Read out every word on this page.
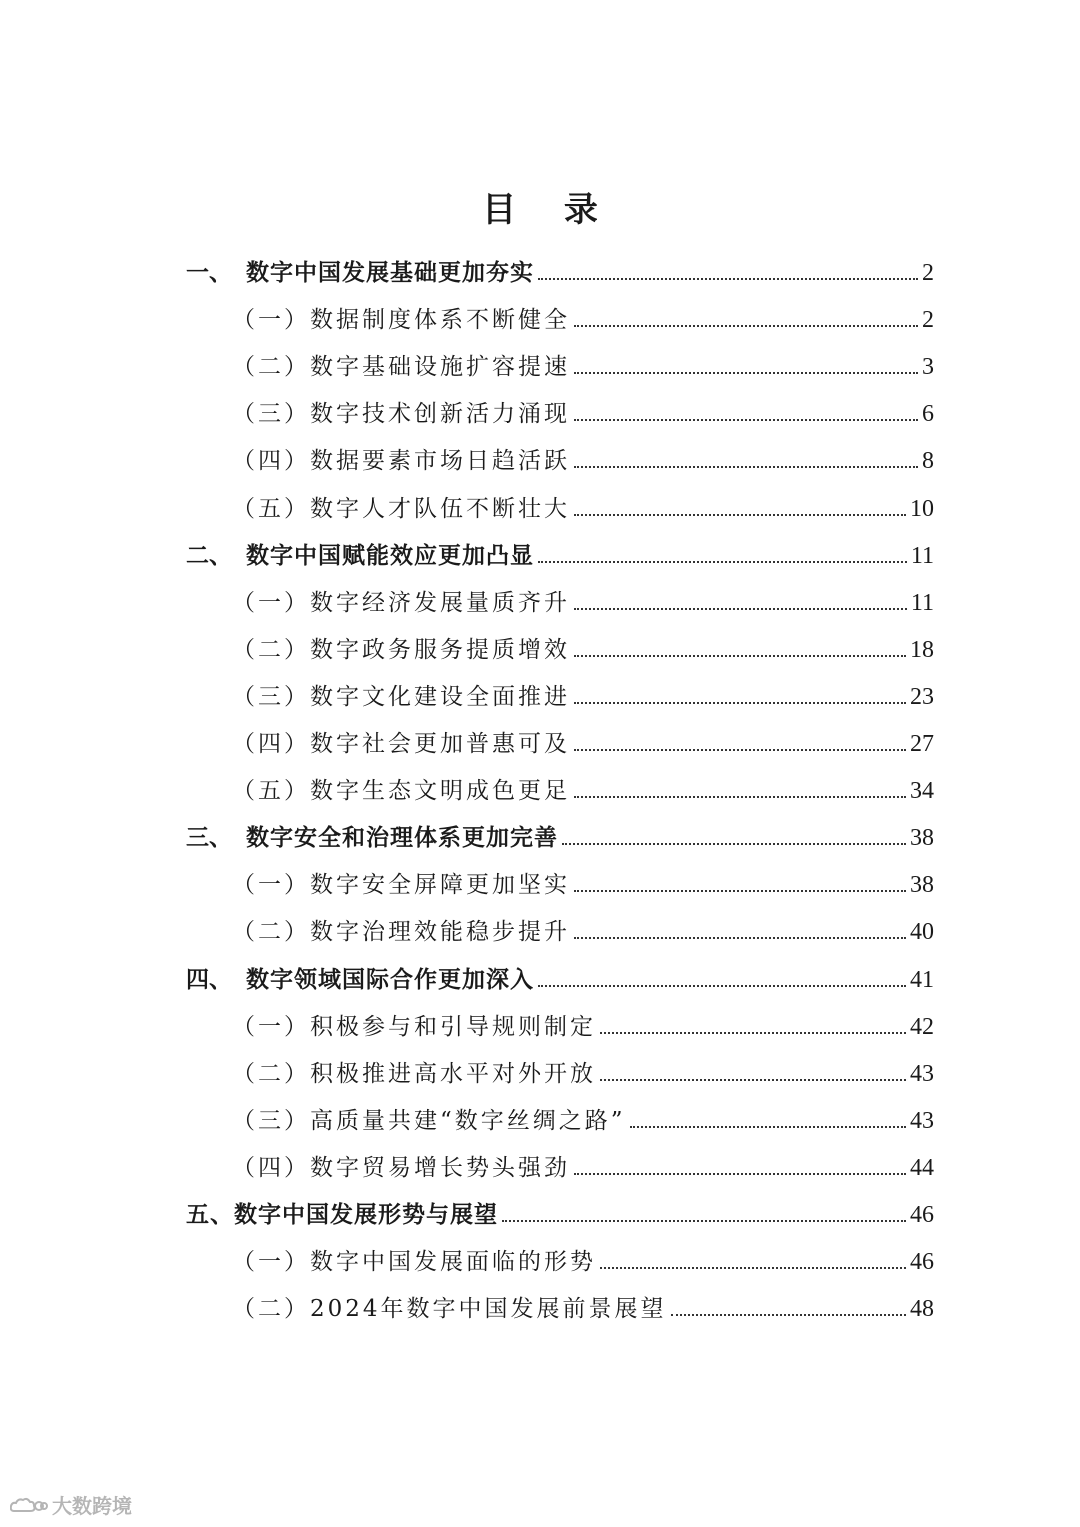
目 录
一、 数字中国发展基础更加夯实	2
（一）数据制度体系不断健全	2
（二）数字基础设施扩容提速	3
（三）数字技术创新活力涌现	6
（四）数据要素市场日趋活跃	8
（五）数字人才队伍不断壮大	10
二、 数字中国赋能效应更加凸显	11
（一）数字经济发展量质齐升	11
（二）数字政务服务提质增效	18
（三）数字文化建设全面推进	23
（四）数字社会更加普惠可及	27
（五）数字生态文明成色更足	34
三、 数字安全和治理体系更加完善	38
（一）数字安全屏障更加坚实	38
（二）数字治理效能稳步提升	40
四、 数字领域国际合作更加深入	41
（一）积极参与和引导规则制定	42
（二）积极推进高水平对外开放	43
（三）高质量共建“数字丝绸之路”	43
（四）数字贸易增长势头强劲	44
五、数字中国发展形势与展望	46
（一）数字中国发展面临的形势	46
（二）2024年数字中国发展前景展望	48
大数跨境
